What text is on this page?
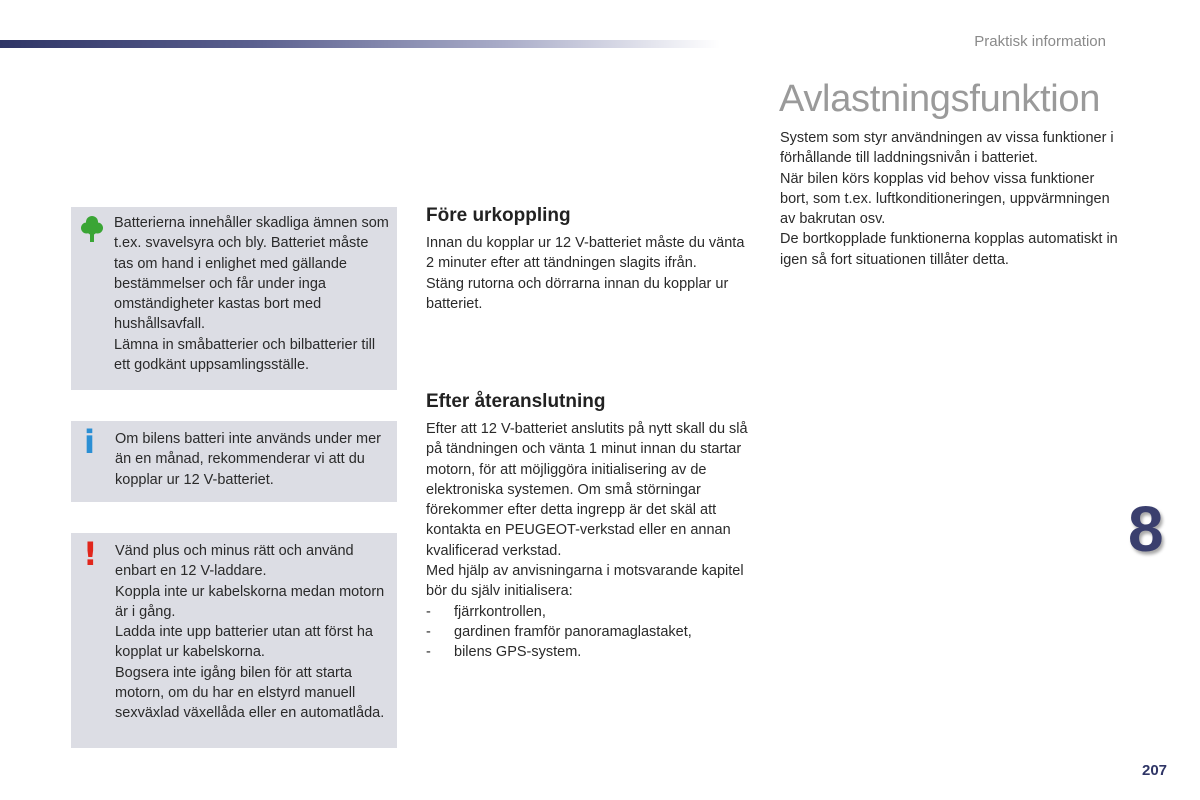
Praktisk information
Avlastningsfunktion

System som styr användningen av vissa funktioner i förhållande till laddningsnivån i batteriet.

När bilen körs kopplas vid behov vissa funktioner bort, som t.ex. luftkonditioneringen, uppvärmningen av bakrutan osv.

De bortkopplade funktionerna kopplas automatiskt in igen så fort situationen tillåter detta.

Före urkoppling

Innan du kopplar ur 12 V-batteriet måste du vänta 2 minuter efter att tändningen slagits ifrån.

Stäng rutorna och dörrarna innan du kopplar ur batteriet.

Efter återanslutning

Efter att 12 V-batteriet anslutits på nytt skall du slå på tändningen och vänta 1 minut innan du startar motorn, för att möjliggöra initialisering av de elektroniska systemen. Om små störningar förekommer efter detta ingrepp är det skäl att kontakta en PEUGEOT-verkstad eller en annan kvalificerad verkstad.

Med hjälp av anvisningarna i motsvarande kapitel bör du själv initialisera:

- fjärrkontrollen,
- gardinen framför panoramaglastaket,
- bilens GPS-system.

Batterierna innehåller skadliga ämnen som t.ex. svavelsyra och bly. Batteriet måste tas om hand i enlighet med gällande bestämmelser och får under inga omständigheter kastas bort med hushållsavfall.

Lämna in småbatterier och bilbatterier till ett godkänt uppsamlingsställe.

i Om bilens batteri inte används under mer än en månad, rekommenderar vi att du kopplar ur 12 V-batteriet.

! Vänd plus och minus rätt och använd enbart en 12 V-laddare.

Koppla inte ur kabelskorna medan motorn är i gång.

Ladda inte upp batterier utan att först ha kopplat ur kabelskorna.

Bogsera inte igång bilen för att starta motorn, om du har en elstyrd manuell sexväxlad växellåda eller en automatlåda.

8
207
